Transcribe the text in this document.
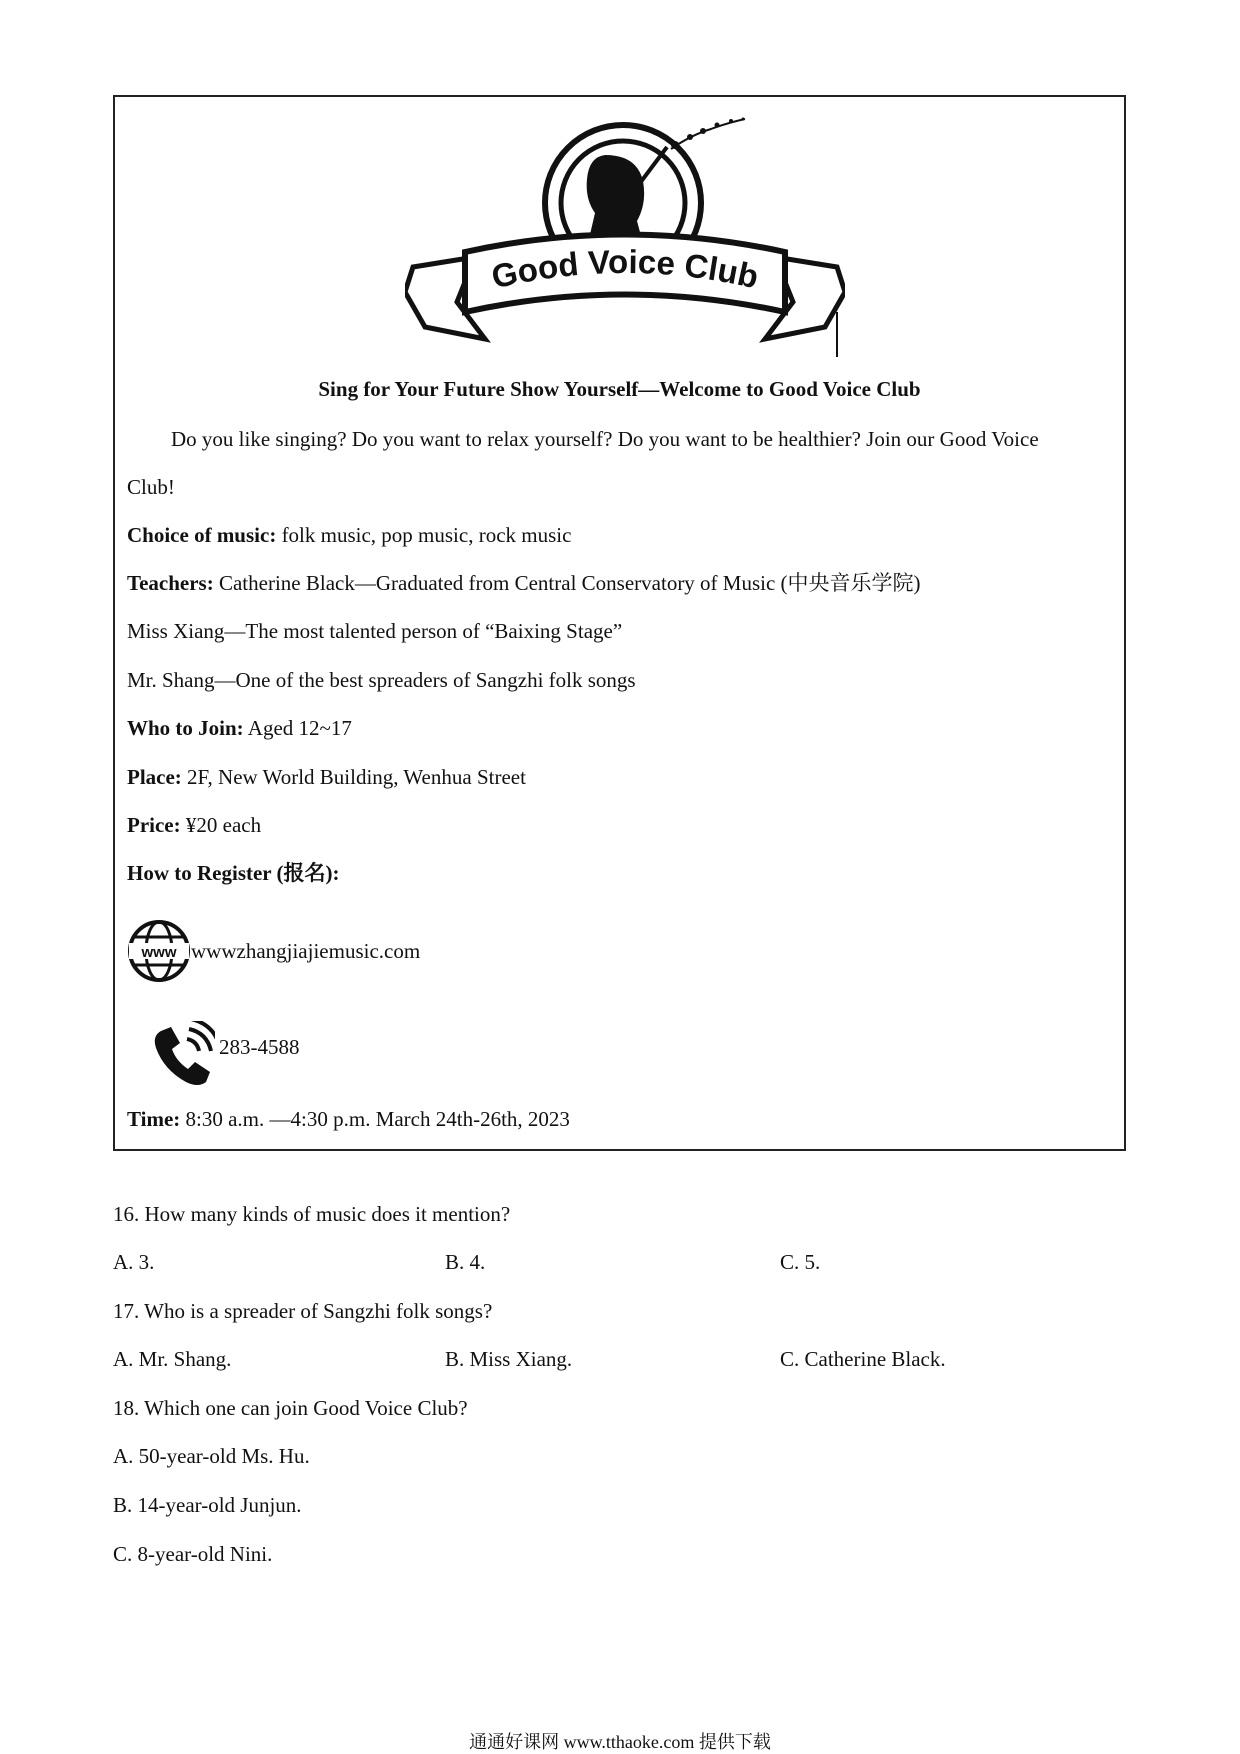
Good Voice Club
Sing for Your Future Show Yourself—Welcome to Good Voice Club
Do you like singing? Do you want to relax yourself? Do you want to be healthier? Join our Good Voice
Club!
Choice of music: folk music, pop music, rock music
Teachers: Catherine Black—Graduated from Central Conservatory of Music (中央音乐学院)
Miss Xiang—The most talented person of “Baixing Stage”
Mr. Shang—One of the best spreaders of Sangzhi folk songs
Who to Join: Aged 12~17
Place: 2F, New World Building, Wenhua Street
Price: ¥20 each
How to Register (报名):
www wwwzhangjiajiemusic.com
283-4588
Time: 8:30 a.m. —4:30 p.m. March 24th-26th, 2023
16. How many kinds of music does it mention?
A. 3.	B. 4.	C. 5.
17. Who is a spreader of Sangzhi folk songs?
A. Mr. Shang.	B. Miss Xiang.	C. Catherine Black.
18. Which one can join Good Voice Club?
A. 50-year-old Ms. Hu.
B. 14-year-old Junjun.
C. 8-year-old Nini.
通通好课网 www.tthaoke.com 提供下载
